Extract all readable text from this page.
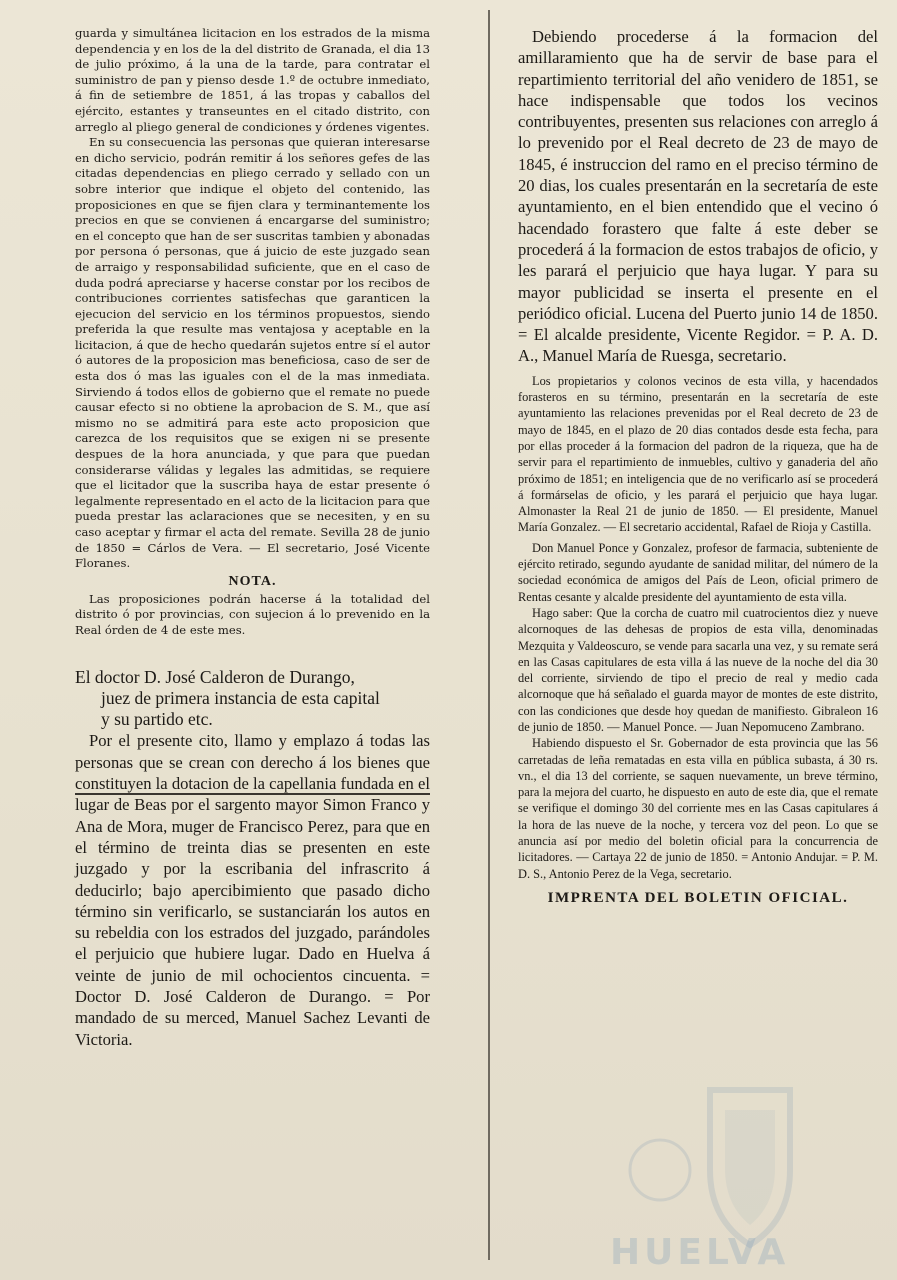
guarda y simultánea licitacion en los estrados de la misma dependencia y en los de la del distrito de Granada, el dia 13 de julio próximo, á la una de la tarde, para contratar el suministro de pan y pienso desde 1.º de octubre inmediato, á fin de setiembre de 1851, á las tropas y caballos del ejército, estantes y transeuntes en el citado distrito, con arreglo al pliego general de condiciones y órdenes vigentes.

En su consecuencia las personas que quieran interesarse en dicho servicio, podrán remitir á los señores gefes de las citadas dependencias en pliego cerrado y sellado con un sobre interior que indique el objeto del contenido, las proposiciones en que se fijen clara y terminantemente los precios en que se convienen á encargarse del suministro; en el concepto que han de ser suscritas tambien y abonadas por persona ó personas, que á juicio de este juzgado sean de arraigo y responsabilidad suficiente, que en el caso de duda podrá apreciarse y hacerse constar por los recibos de contribuciones corrientes satisfechas que garanticen la ejecucion del servicio en los términos propuestos, siendo preferida la que resulte mas ventajosa y aceptable en la licitacion, á que de hecho quedarán sujetos entre sí el autor ó autores de la proposicion mas beneficiosa, caso de ser de esta dos ó mas las iguales con el de la mas inmediata. Sirviendo á todos ellos de gobierno que el remate no puede causar efecto si no obtiene la aprobacion de S. M., que así mismo no se admitirá para este acto proposicion que carezca de los requisitos que se exigen ni se presente despues de la hora anunciada, y que para que puedan considerarse válidas y legales las admitidas, se requiere que el licitador que la suscriba haya de estar presente ó legalmente representado en el acto de la licitacion para que pueda prestar las aclaraciones que se necesiten, y en su caso aceptar y firmar el acta del remate. Sevilla 28 de junio de 1850 = Cárlos de Vera. — El secretario, José Vicente Floranes.

NOTA.

Las proposiciones podrán hacerse á la totalidad del distrito ó por provincias, con sujecion á lo prevenido en la Real órden de 4 de este mes.

El doctor D. José Calderon de Durango,
juez de primera instancia de esta capital
y su partido etc.

Por el presente cito, llamo y emplazo á todas las personas que se crean con derecho á los bienes que constituyen la dotacion de la capellania fundada en el lugar de Beas por el sargento mayor Simon Franco y Ana de Mora, muger de Francisco Perez, para que en el término de treinta dias se presenten en este juzgado y por la escribania del infrascrito á deducirlo; bajo apercibimiento que pasado dicho término sin verificarlo, se sustanciarán los autos en su rebeldia con los estrados del juzgado, parándoles el perjuicio que hubiere lugar. Dado en Huelva á veinte de junio de mil ochocientos cincuenta. = Doctor D. José Calderon de Durango. = Por mandado de su merced, Manuel Sachez Levanti de Victoria.

Debiendo procederse á la formacion del amillaramiento que ha de servir de base para el repartimiento territorial del año venidero de 1851, se hace indispensable que todos los vecinos contribuyentes, presenten sus relaciones con arreglo á lo prevenido por el Real decreto de 23 de mayo de 1845, é instruccion del ramo en el preciso término de 20 dias, los cuales presentarán en la secretaría de este ayuntamiento, en el bien entendido que el vecino ó hacendado forastero que falte á este deber se procederá á la formacion de estos trabajos de oficio, y les parará el perjuicio que haya lugar. Y para su mayor publicidad se inserta el presente en el periódico oficial. Lucena del Puerto junio 14 de 1850. = El alcalde presidente, Vicente Regidor. = P. A. D. A., Manuel María de Ruesga, secretario.

Los propietarios y colonos vecinos de esta villa, y hacendados forasteros en su término, presentarán en la secretaría de este ayuntamiento las relaciones prevenidas por el Real decreto de 23 de mayo de 1845, en el plazo de 20 dias contados desde esta fecha, para por ellas proceder á la formacion del padron de la riqueza, que ha de servir para el repartimiento de inmuebles, cultivo y ganaderia del año próximo de 1851; en inteligencia que de no verificarlo así se procederá á formárselas de oficio, y les parará el perjuicio que haya lugar. Almonaster la Real 21 de junio de 1850. — El presidente, Manuel María Gonzalez. — El secretario accidental, Rafael de Rioja y Castilla.

Don Manuel Ponce y Gonzalez, profesor de farmacia, subteniente de ejército retirado, segundo ayudante de sanidad militar, del número de la sociedad económica de amigos del País de Leon, oficial primero de Rentas cesante y alcalde presidente del ayuntamiento de esta villa.

Hago saber: Que la corcha de cuatro mil cuatrocientos diez y nueve alcornoques de las dehesas de propios de esta villa, denominadas Mezquita y Valdeoscuro, se vende para sacarla una vez, y su remate será en las Casas capitulares de esta villa á las nueve de la noche del dia 30 del corriente, sirviendo de tipo el precio de real y medio cada alcornoque que há señalado el guarda mayor de montes de este distrito, con las condiciones que desde hoy quedan de manifiesto. Gibraleon 16 de junio de 1850. — Manuel Ponce. — Juan Nepomuceno Zambrano.

Habiendo dispuesto el Sr. Gobernador de esta provincia que las 56 carretadas de leña rematadas en esta villa en pública subasta, á 30 rs. vn., el dia 13 del corriente, se saquen nuevamente, un breve término, para la mejora del cuarto, he dispuesto en auto de este dia, que el remate se verifique el domingo 30 del corriente mes en las Casas capitulares á la hora de las nueve de la noche, y tercera voz del peon. Lo que se anuncia así por medio del boletin oficial para la concurrencia de licitadores. — Cartaya 22 de junio de 1850. = Antonio Andujar. = P. M. D. S., Antonio Perez de la Vega, secretario.

IMPRENTA DEL BOLETIN OFICIAL.
HUELVA
